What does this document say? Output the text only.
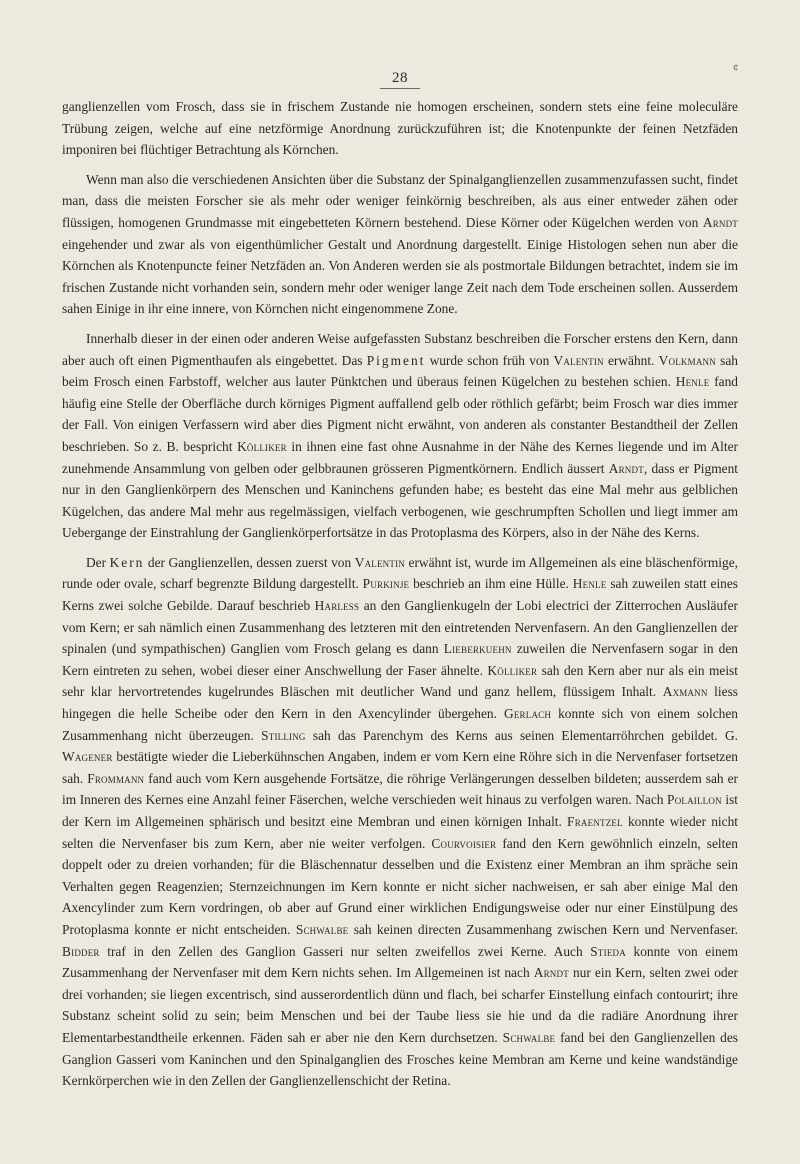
¢
28

ganglienzellen vom Frosch, dass sie in frischem Zustande nie homogen erscheinen, sondern stets eine feine moleculäre Trübung zeigen, welche auf eine netzförmige Anordnung zurückzuführen ist; die Knotenpunkte der feinen Netzfäden imponiren bei flüchtiger Betrachtung als Körnchen.

Wenn man also die verschiedenen Ansichten über die Substanz der Spinalganglienzellen zusammenzufassen sucht, findet man, dass die meisten Forscher sie als mehr oder weniger feinkörnig beschreiben, als aus einer entweder zähen oder flüssigen, homogenen Grundmasse mit eingebetteten Körnern bestehend. Diese Körner oder Kügelchen werden von Arndt eingehender und zwar als von eigenthümlicher Gestalt und Anordnung dargestellt. Einige Histologen sehen nun aber die Körnchen als Knotenpuncte feiner Netzfäden an. Von Anderen werden sie als postmortale Bildungen betrachtet, indem sie im frischen Zustande nicht vorhanden sein, sondern mehr oder weniger lange Zeit nach dem Tode erscheinen sollen. Ausserdem sahen Einige in ihr eine innere, von Körnchen nicht eingenommene Zone.

Innerhalb dieser in der einen oder anderen Weise aufgefassten Substanz beschreiben die Forscher erstens den Kern, dann aber auch oft einen Pigmenthaufen als eingebettet. Das Pigment wurde schon früh von Valentin erwähnt. Volkmann sah beim Frosch einen Farbstoff, welcher aus lauter Pünktchen und überaus feinen Kügelchen zu bestehen schien. Henle fand häufig eine Stelle der Oberfläche durch körniges Pigment auffallend gelb oder röthlich gefärbt; beim Frosch war dies immer der Fall. Von einigen Verfassern wird aber dies Pigment nicht erwähnt, von anderen als constanter Bestandtheil der Zellen beschrieben. So z. B. bespricht Kölliker in ihnen eine fast ohne Ausnahme in der Nähe des Kernes liegende und im Alter zunehmende Ansammlung von gelben oder gelbbraunen grösseren Pigmentkörnern. Endlich äussert Arndt, dass er Pigment nur in den Ganglienkörpern des Menschen und Kaninchens gefunden habe; es besteht das eine Mal mehr aus gelblichen Kügelchen, das andere Mal mehr aus regelmässigen, vielfach verbogenen, wie geschrumpften Schollen und liegt immer am Uebergange der Einstrahlung der Ganglienkörperfortsätze in das Protoplasma des Körpers, also in der Nähe des Kerns.

Der Kern der Ganglienzellen, dessen zuerst von Valentin erwähnt ist, wurde im Allgemeinen als eine bläschenförmige, runde oder ovale, scharf begrenzte Bildung dargestellt. Purkinje beschrieb an ihm eine Hülle. Henle sah zuweilen statt eines Kerns zwei solche Gebilde. Darauf beschrieb Harless an den Ganglienkugeln der Lobi electrici der Zitterrochen Ausläufer vom Kern; er sah nämlich einen Zusammenhang des letzteren mit den eintretenden Nervenfasern. An den Ganglienzellen der spinalen (und sympathischen) Ganglien vom Frosch gelang es dann Lieberkuehn zuweilen die Nervenfasern sogar in den Kern eintreten zu sehen, wobei dieser einer Anschwellung der Faser ähnelte. Kölliker sah den Kern aber nur als ein meist sehr klar hervortretendes kugelrundes Bläschen mit deutlicher Wand und ganz hellem, flüssigem Inhalt. Axmann liess hingegen die helle Scheibe oder den Kern in den Axencylinder übergehen. Gerlach konnte sich von einem solchen Zusammenhang nicht überzeugen. Stilling sah das Parenchym des Kerns aus seinen Elementarröhrchen gebildet. G. Wagener bestätigte wieder die Lieberkühnschen Angaben, indem er vom Kern eine Röhre sich in die Nervenfaser fortsetzen sah. Frommann fand auch vom Kern ausgehende Fortsätze, die röhrige Verlängerungen desselben bildeten; ausserdem sah er im Inneren des Kernes eine Anzahl feiner Fäserchen, welche verschieden weit hinaus zu verfolgen waren. Nach Polaillon ist der Kern im Allgemeinen sphärisch und besitzt eine Membran und einen körnigen Inhalt. Fraentzel konnte wieder nicht selten die Nervenfaser bis zum Kern, aber nie weiter verfolgen. Courvoisier fand den Kern gewöhnlich einzeln, selten doppelt oder zu dreien vorhanden; für die Bläschennatur desselben und die Existenz einer Membran an ihm spräche sein Verhalten gegen Reagenzien; Sternzeichnungen im Kern konnte er nicht sicher nachweisen, er sah aber einige Mal den Axencylinder zum Kern vordringen, ob aber auf Grund einer wirklichen Endigungsweise oder nur einer Einstülpung des Protoplasma konnte er nicht entscheiden. Schwalbe sah keinen directen Zusammenhang zwischen Kern und Nervenfaser. Bidder traf in den Zellen des Ganglion Gasseri nur selten zweifellos zwei Kerne. Auch Stieda konnte von einem Zusammenhang der Nervenfaser mit dem Kern nichts sehen. Im Allgemeinen ist nach Arndt nur ein Kern, selten zwei oder drei vorhanden; sie liegen excentrisch, sind ausserordentlich dünn und flach, bei scharfer Einstellung einfach contourirt; ihre Substanz scheint solid zu sein; beim Menschen und bei der Taube liess sie hie und da die radiäre Anordnung ihrer Elementarbestandtheile erkennen. Fäden sah er aber nie den Kern durchsetzen. Schwalbe fand bei den Ganglienzellen des Ganglion Gasseri vom Kaninchen und den Spinalganglien des Frosches keine Membran am Kerne und keine wandständige Kernkörperchen wie in den Zellen der Ganglienzellenschicht der Retina.
